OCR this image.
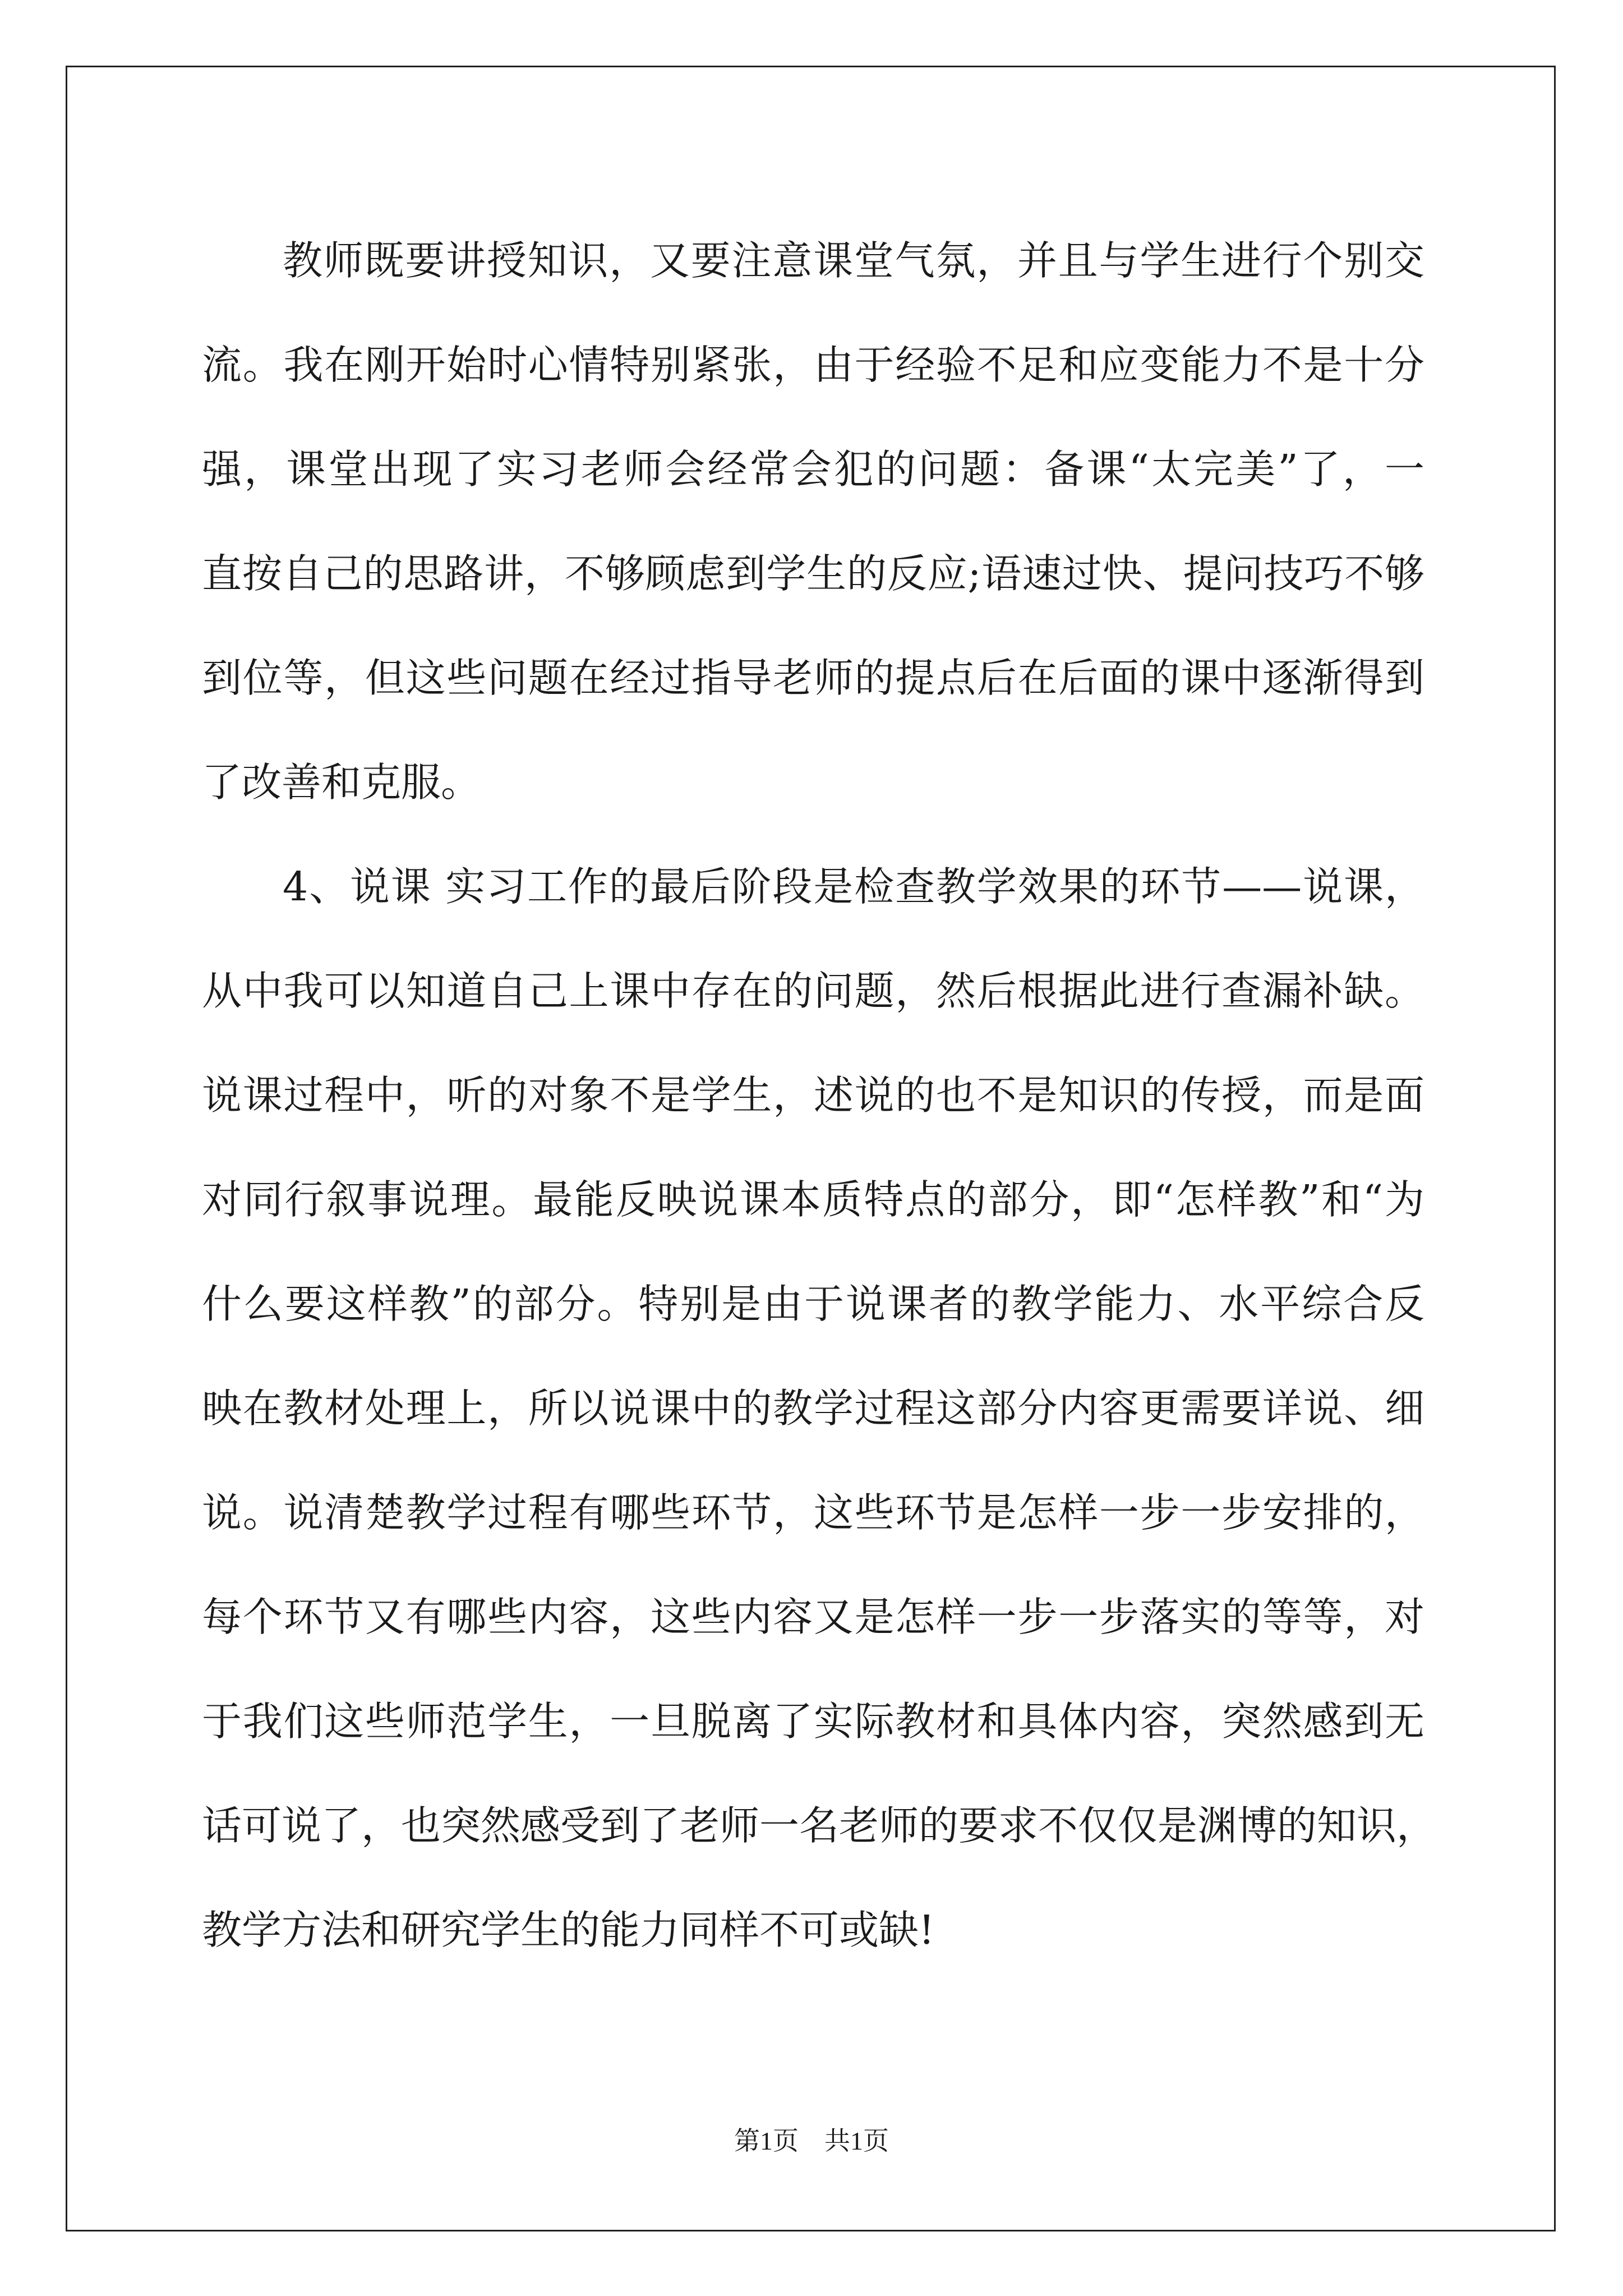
教师既要讲授知识，又要注意课堂气氛，并且与学生进行个别交
流。我在刚开始时心情特别紧张，由于经验不足和应变能力不是十分
强，课堂出现了实习老师会经常会犯的问题：备课“太完美”了，一
直按自己的思路讲，不够顾虑到学生的反应;语速过快、提问技巧不够
到位等，但这些问题在经过指导老师的提点后在后面的课中逐渐得到
了改善和克服。
4、说课 实习工作的最后阶段是检查教学效果的环节——说课，
从中我可以知道自己上课中存在的问题，然后根据此进行查漏补缺。
说课过程中，听的对象不是学生，述说的也不是知识的传授，而是面
对同行叙事说理。最能反映说课本质特点的部分，即“怎样教”和“为
什么要这样教”的部分。特别是由于说课者的教学能力、水平综合反
映在教材处理上，所以说课中的教学过程这部分内容更需要详说、细
说。说清楚教学过程有哪些环节，这些环节是怎样一步一步安排的，
每个环节又有哪些内容，这些内容又是怎样一步一步落实的等等，对
于我们这些师范学生，一旦脱离了实际教材和具体内容，突然感到无
话可说了，也突然感受到了老师一名老师的要求不仅仅是渊博的知识，
教学方法和研究学生的能力同样不可或缺!
第1页 共1页
